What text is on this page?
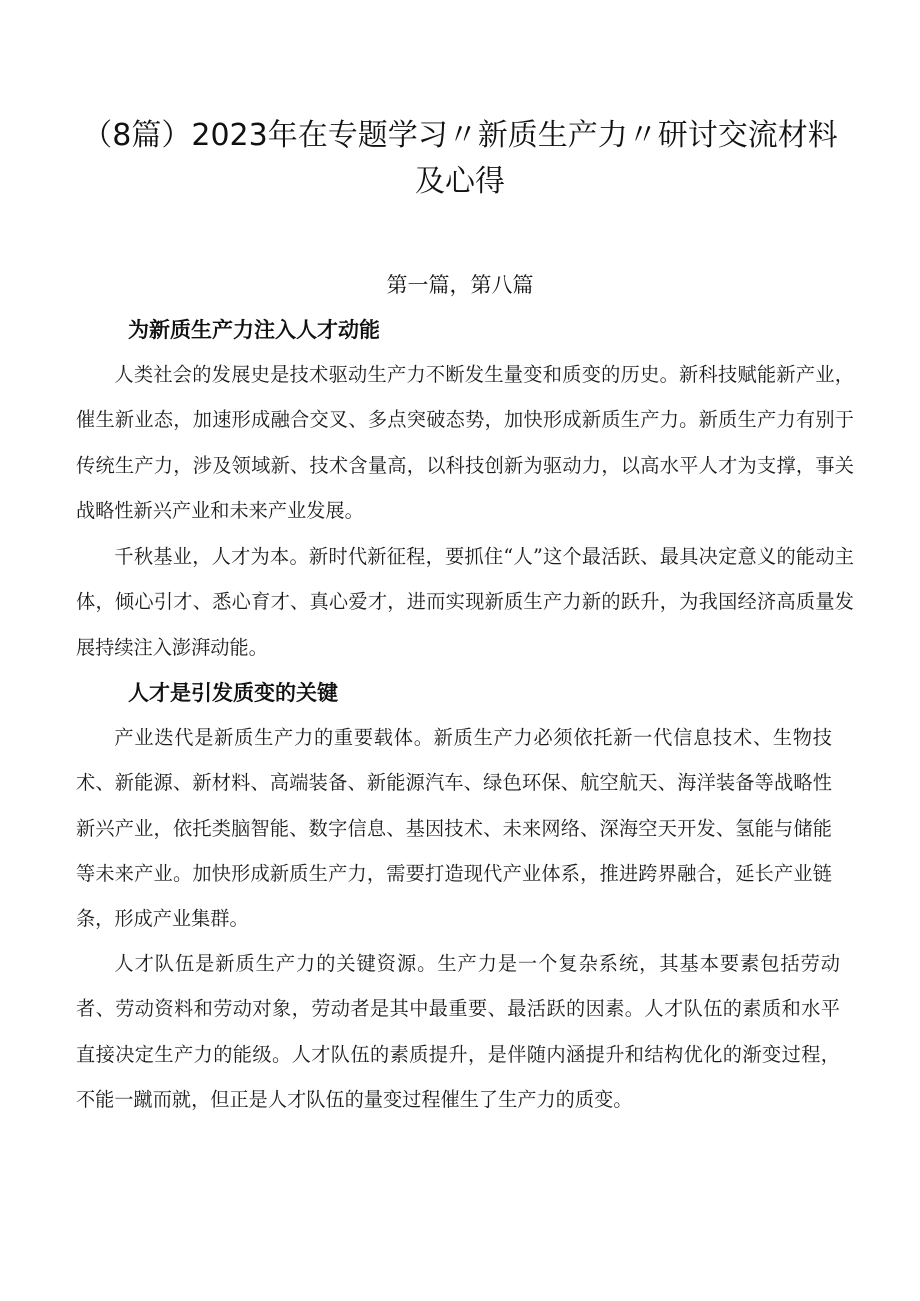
（8篇）2023年在专题学习〃新质生产力〃研讨交流材料
及心得

第一篇，第八篇

为新质生产力注入人才动能

人类社会的发展史是技术驱动生产力不断发生量变和质变的历史。新科技赋能新产业，催生新业态，加速形成融合交叉、多点突破态势，加快形成新质生产力。新质生产力有别于传统生产力，涉及领域新、技术含量高，以科技创新为驱动力，以高水平人才为支撑，事关战略性新兴产业和未来产业发展。

千秋基业，人才为本。新时代新征程，要抓住“人”这个最活跃、最具决定意义的能动主体，倾心引才、悉心育才、真心爱才，进而实现新质生产力新的跃升，为我国经济高质量发展持续注入澎湃动能。

人才是引发质变的关键

产业迭代是新质生产力的重要载体。新质生产力必须依托新一代信息技术、生物技术、新能源、新材料、高端装备、新能源汽车、绿色环保、航空航天、海洋装备等战略性新兴产业，依托类脑智能、数字信息、基因技术、未来网络、深海空天开发、氢能与储能等未来产业。加快形成新质生产力，需要打造现代产业体系，推进跨界融合，延长产业链条，形成产业集群。

人才队伍是新质生产力的关键资源。生产力是一个复杂系统，其基本要素包括劳动者、劳动资料和劳动对象，劳动者是其中最重要、最活跃的因素。人才队伍的素质和水平直接决定生产力的能级。人才队伍的素质提升，是伴随内涵提升和结构优化的渐变过程，不能一蹴而就，但正是人才队伍的量变过程催生了生产力的质变。
